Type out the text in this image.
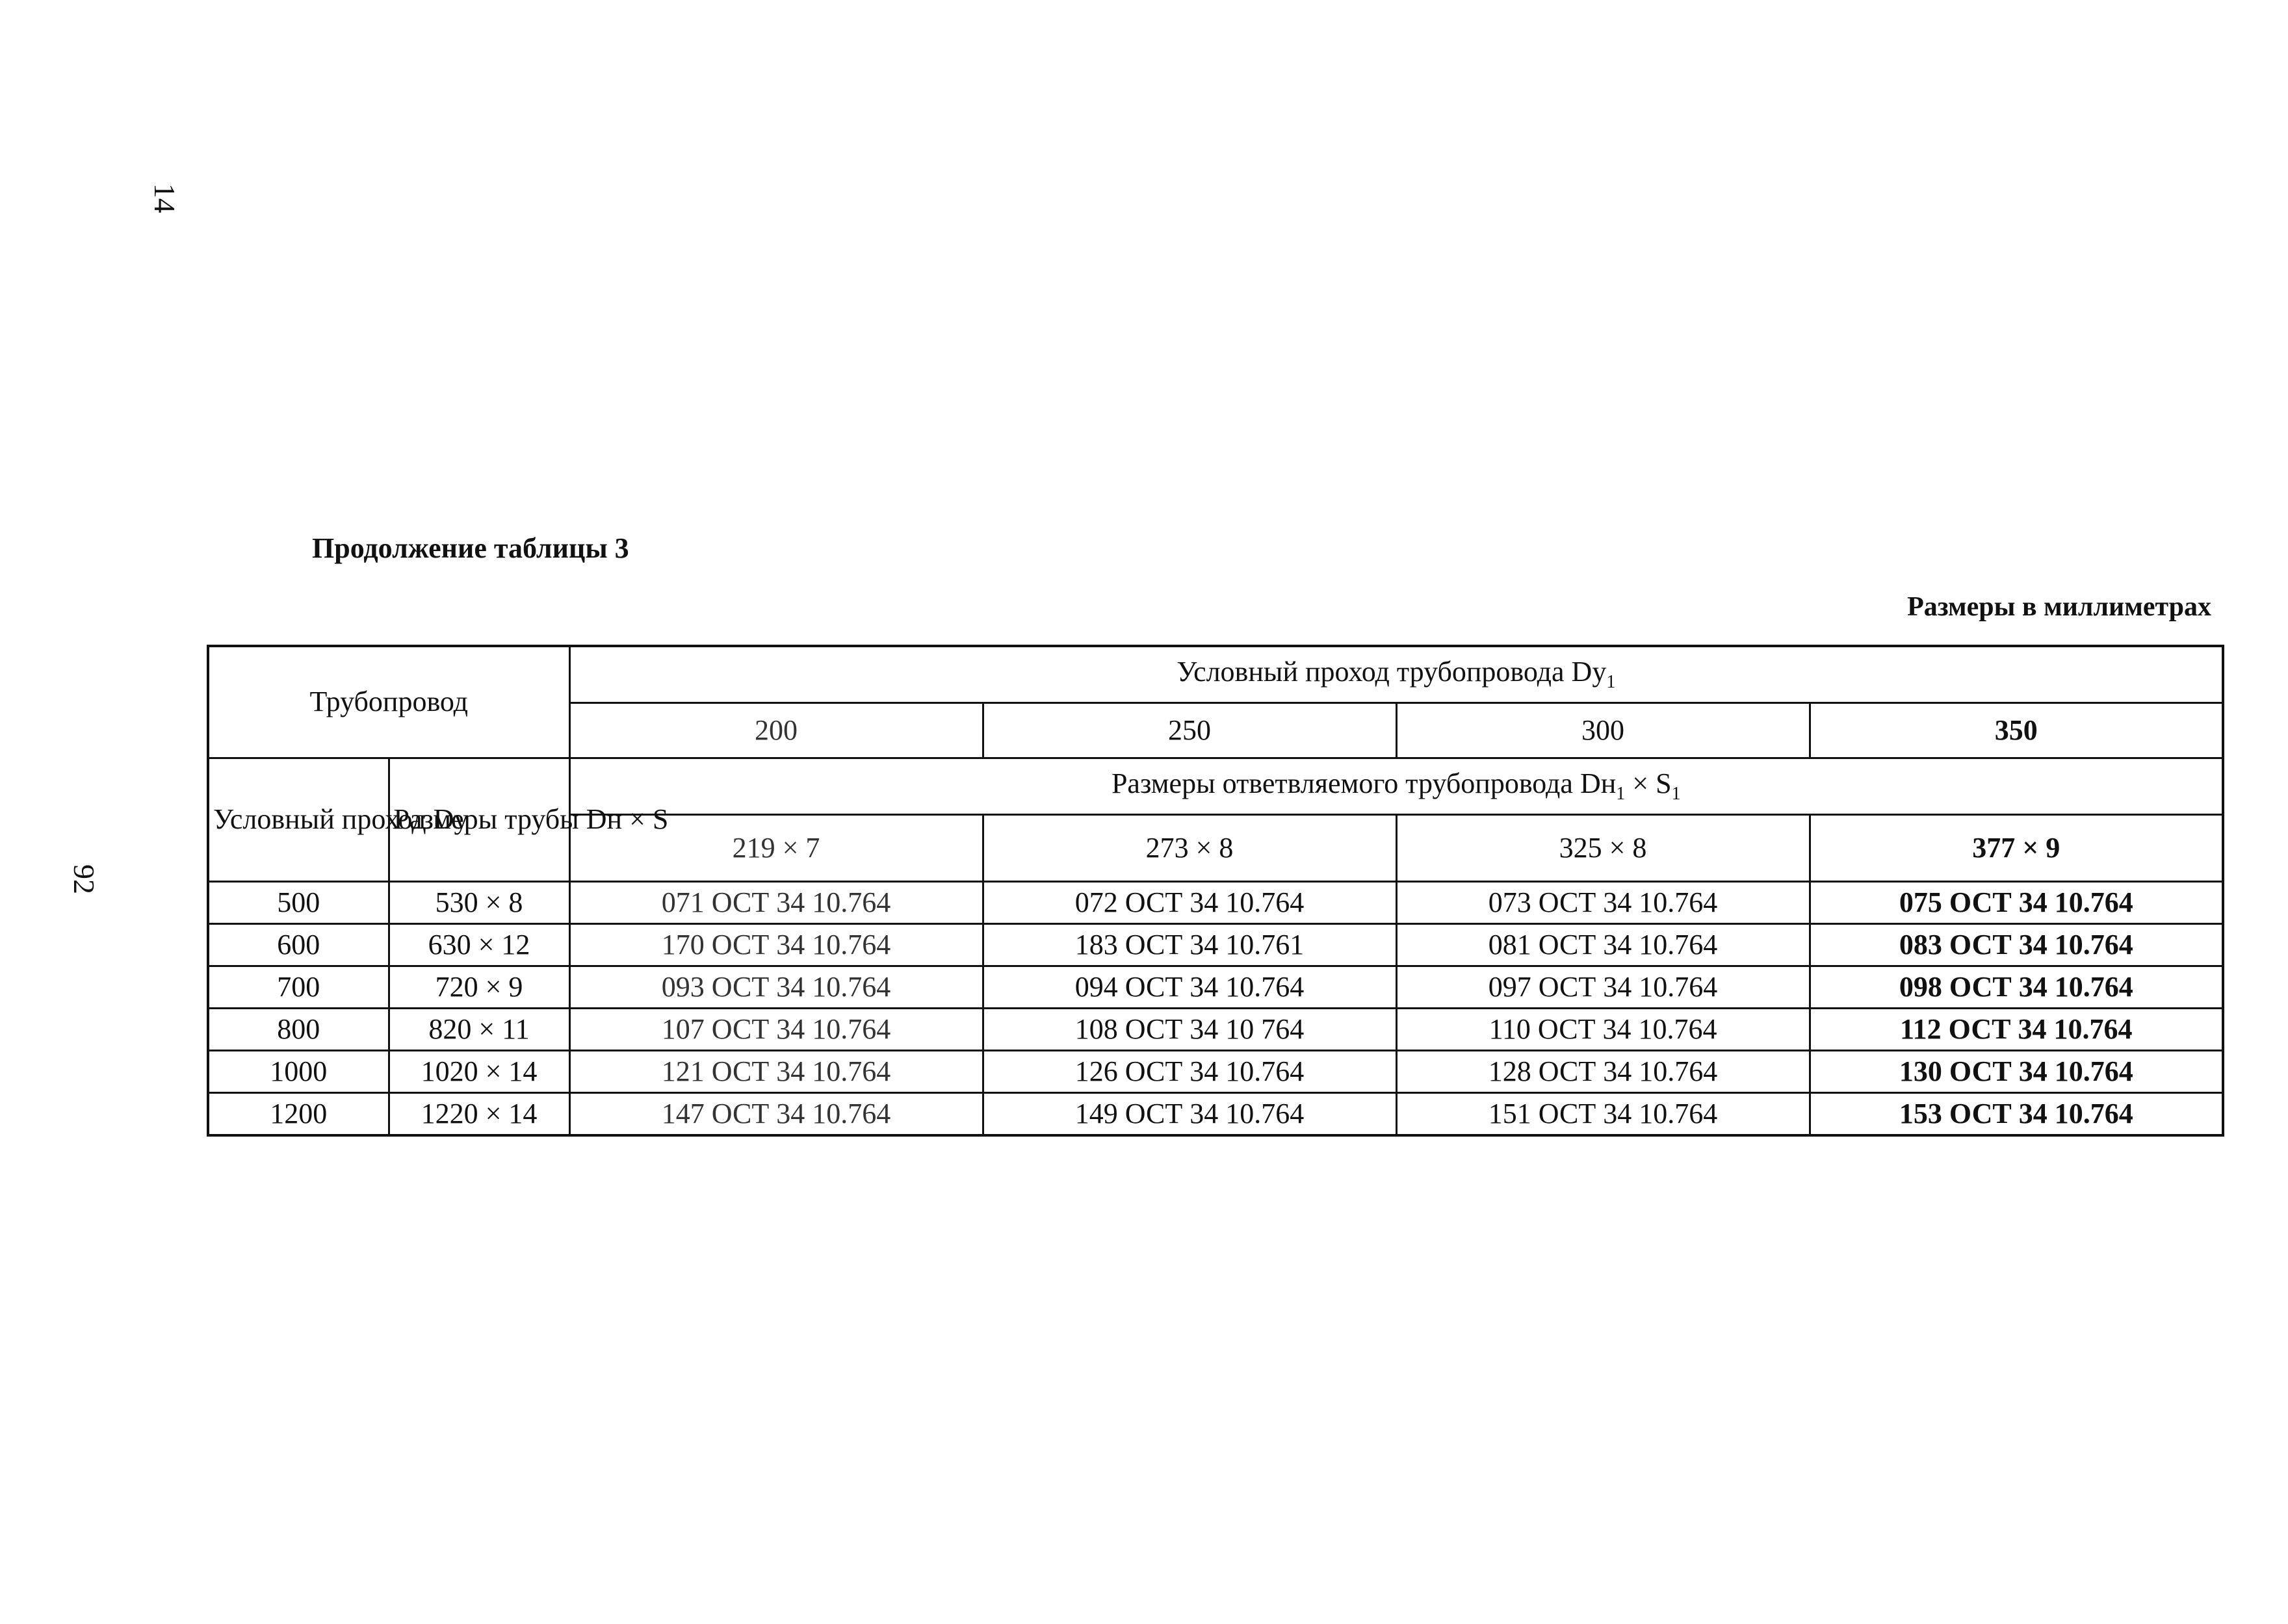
14
92
Продолжение таблицы 3
Размеры в миллиметрах
Трубопровод		Условный проход трубопровода $Dy_1$
		200	250	300	350
Условный проход Dy	Размеры трубы Dн × S	Размеры ответвляемого трубопровода $Dн_1 \times S_1$
		219 × 7	273 × 8	325 × 8	377 × 9
500	530 × 8	071 ОСТ 34 10.764	072 ОСТ 34 10.764	073 ОСТ 34 10.764	075 ОСТ 34 10.764
600	630 × 12	170 ОСТ 34 10.764	183 ОСТ 34 10.761	081 ОСТ 34 10.764	083 ОСТ 34 10.764
700	720 × 9	093 ОСТ 34 10.764	094 ОСТ 34 10.764	097 ОСТ 34 10.764	098 ОСТ 34 10.764
800	820 × 11	107 ОСТ 34 10.764	108 ОСТ 34 10 764	110 ОСТ 34 10.764	112 ОСТ 34 10.764
1000	1020 × 14	121 ОСТ 34 10.764	126 ОСТ 34 10.764	128 ОСТ 34 10.764	130 ОСТ 34 10.764
1200	1220 × 14	147 ОСТ 34 10.764	149 ОСТ 34 10.764	151 ОСТ 34 10.764	153 ОСТ 34 10.764
